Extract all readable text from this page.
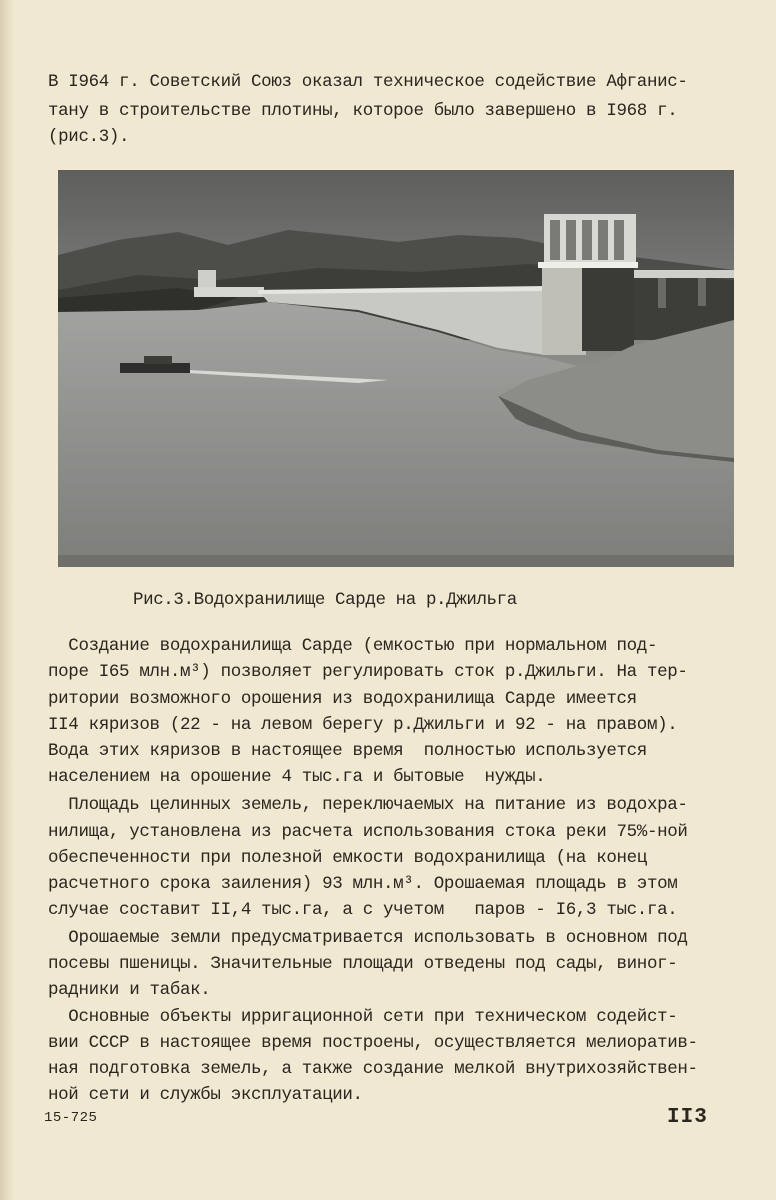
В I964 г. Советский Союз оказал техническое содействие Афганис-
тану в строительстве плотины, которое было завершено в I968 г.
(рис.3).
Рис.3.Водохранилище Сарде на р.Джильга
Создание водохранилища Сарде (емкостью при нормальном под-
поре I65 млн.м³) позволяет регулировать сток р.Джильги. На тер-
ритории возможного орошения из водохранилища Сарде имеется
II4 кяризов (22 - на левом берегу р.Джильги и 92 - на правом).
Вода этих кяризов в настоящее время  полностью используется
населением на орошение 4 тыс.га и бытовые  нужды.
Площадь целинных земель, переключаемых на питание из водохра-
нилища, установлена из расчета использования стока реки 75%-ной
обеспеченности при полезной емкости водохранилища (на конец
расчетного срока заиления) 93 млн.м³. Орошаемая площадь в этом
случае составит II,4 тыс.га, а с учетом   паров - I6,3 тыс.га.
Орошаемые земли предусматривается использовать в основном под
посевы пшеницы. Значительные площади отведены под сады, виног-
радники и табак.
Основные объекты ирригационной сети при техническом содейст-
вии СССР в настоящее время построены, осуществляется мелиоратив-
ная подготовка земель, а также создание мелкой внутрихозяйствен-
ной сети и службы эксплуатации.
15-725	II3
